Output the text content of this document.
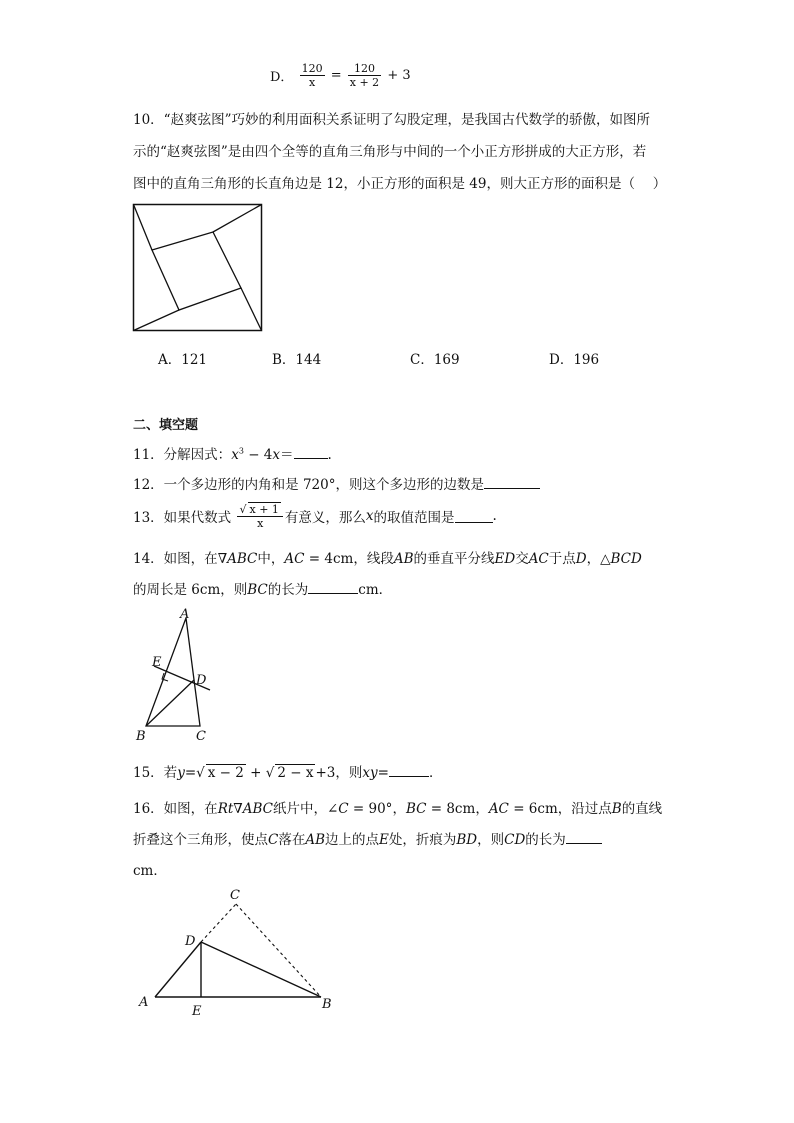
D． $\frac{120}{x} = \frac{120}{x + 2} + 3$
10．“赵爽弦图”巧妙的利用面积关系证明了勾股定理，是我国古代数学的骄傲，如图所
示的“赵爽弦图”是由四个全等的直角三角形与中间的一个小正方形拼成的大正方形，若
图中的直角三角形的长直角边是 12，小正方形的面积是 49，则大正方形的面积是（　 ）
A．121	B．144	C．169	D．196
二、填空题
11．分解因式：$x^3 - 4x=$	.
12．一个多边形的内角和是 720°，则这个多边形的边数是
13．如果代数式 $\frac{√ x + 1}{x}$ 有意义，那么x的取值范围是	.
14．如图，在∇ABC中，AC = 4cm，线段AB的垂直平分线ED交AC于点D，△BCD
的周长是 6cm，则BC的长为	cm．
A
E
D
B	C
15．若y=√ x − 2 + √ 2 − x +3，则xy=	．
16．如图，在Rt∇ABC纸片中，∠C = 90°，BC = 8cm，AC = 6cm，沿过点B的直线
折叠这个三角形，使点C落在AB边上的点E处，折痕为BD，则CD的长为
cm．
C
D
A
E	B
